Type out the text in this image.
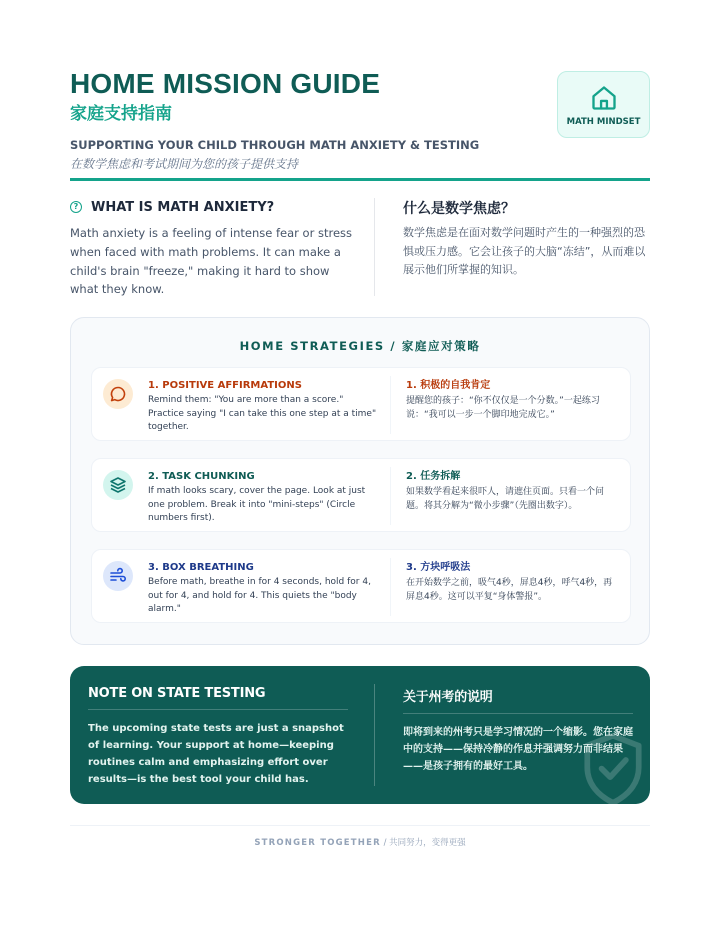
HOME MISSION GUIDE
家庭支持指南
SUPPORTING YOUR CHILD THROUGH MATH ANXIETY & TESTING
在数学焦虑和考试期间为您的孩子提供支持
MATH MINDSET
? WHAT IS MATH ANXIETY?
Math anxiety is a feeling of intense fear or stress when faced with math problems. It can make a child's brain "freeze," making it hard to show what they know.
什么是数学焦虑？
数学焦虑是在面对数学问题时产生的一种强烈的恐惧或压力感。它会让孩子的大脑“冻结”，从而难以展示他们所掌握的知识。
HOME STRATEGIES / 家庭应对策略
1. POSITIVE AFFIRMATIONS
Remind them: "You are more than a score." Practice saying "I can take this one step at a time" together.
1. 积极的自我肯定
提醒您的孩子：“你不仅仅是一个分数。”一起练习说：“我可以一步一个脚印地完成它。”
2. TASK CHUNKING
If math looks scary, cover the page. Look at just one problem. Break it into "mini-steps" (Circle numbers first).
2. 任务拆解
如果数学看起来很吓人，请遮住页面。只看一个问题。将其分解为“微小步骤”（先圈出数字）。
3. BOX BREATHING
Before math, breathe in for 4 seconds, hold for 4, out for 4, and hold for 4. This quiets the "body alarm."
3. 方块呼吸法
在开始数学之前，吸气4秒，屏息4秒，呼气4秒，再屏息4秒。这可以平复“身体警报”。
NOTE ON STATE TESTING
The upcoming state tests are just a snapshot of learning. Your support at home—keeping routines calm and emphasizing effort over results—is the best tool your child has.
关于州考的说明
即将到来的州考只是学习情况的一个缩影。您在家庭中的支持——保持冷静的作息并强调努力而非结果——是孩子拥有的最好工具。
STRONGER TOGETHER / 共同努力，变得更强
